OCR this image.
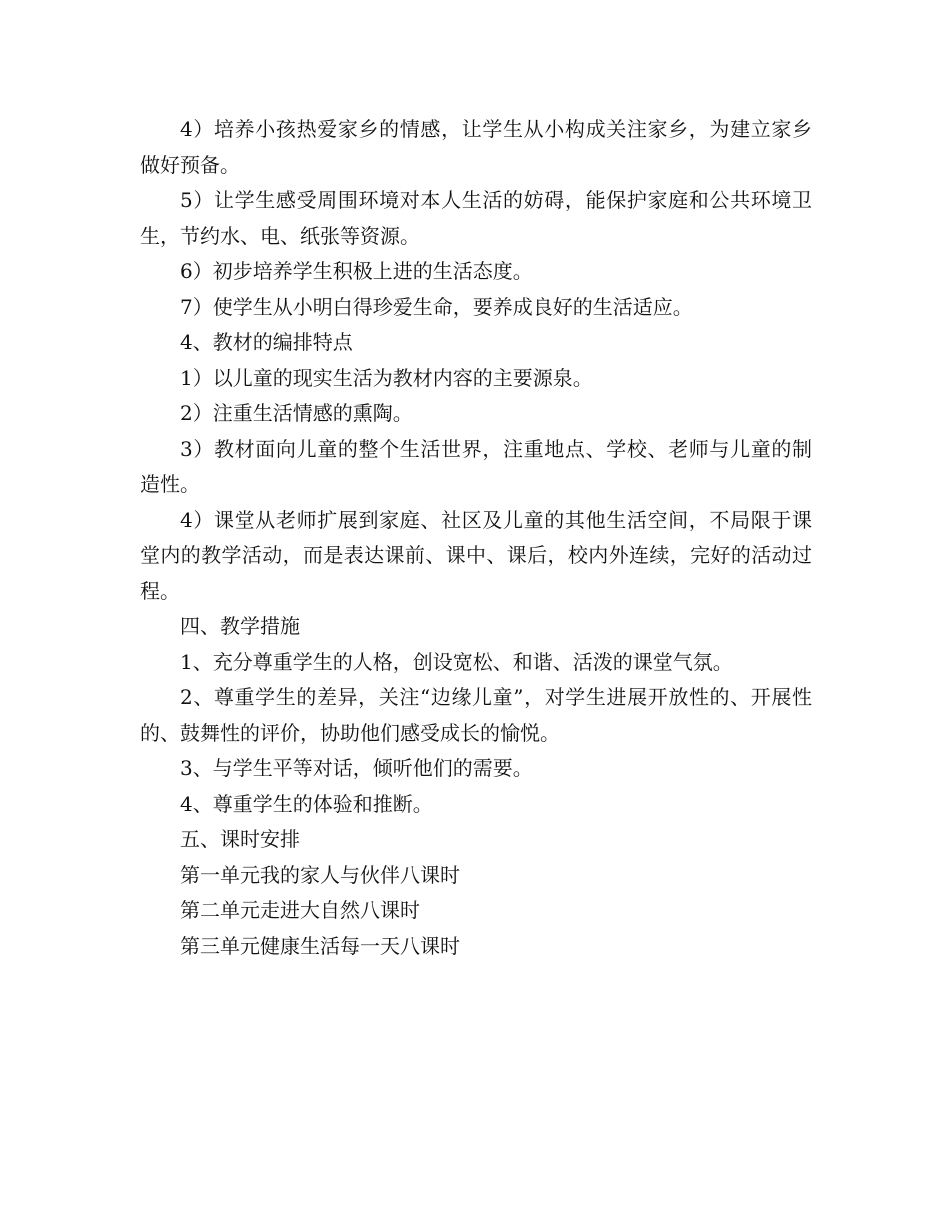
4）培养小孩热爱家乡的情感，让学生从小构成关注家乡，为建立家乡做好预备。

5）让学生感受周围环境对本人生活的妨碍，能保护家庭和公共环境卫生，节约水、电、纸张等资源。

6）初步培养学生积极上进的生活态度。

7）使学生从小明白得珍爱生命，要养成良好的生活适应。

4、教材的编排特点

1）以儿童的现实生活为教材内容的主要源泉。

2）注重生活情感的熏陶。

3）教材面向儿童的整个生活世界，注重地点、学校、老师与儿童的制造性。

4）课堂从老师扩展到家庭、社区及儿童的其他生活空间，不局限于课堂内的教学活动，而是表达课前、课中、课后，校内外连续，完好的活动过程。

四、教学措施

1、充分尊重学生的人格，创设宽松、和谐、活泼的课堂气氛。

2、尊重学生的差异，关注“边缘儿童”，对学生进展开放性的、开展性的、鼓舞性的评价，协助他们感受成长的愉悦。

3、与学生平等对话，倾听他们的需要。

4、尊重学生的体验和推断。

五、课时安排

第一单元我的家人与伙伴八课时

第二单元走进大自然八课时

第三单元健康生活每一天八课时
